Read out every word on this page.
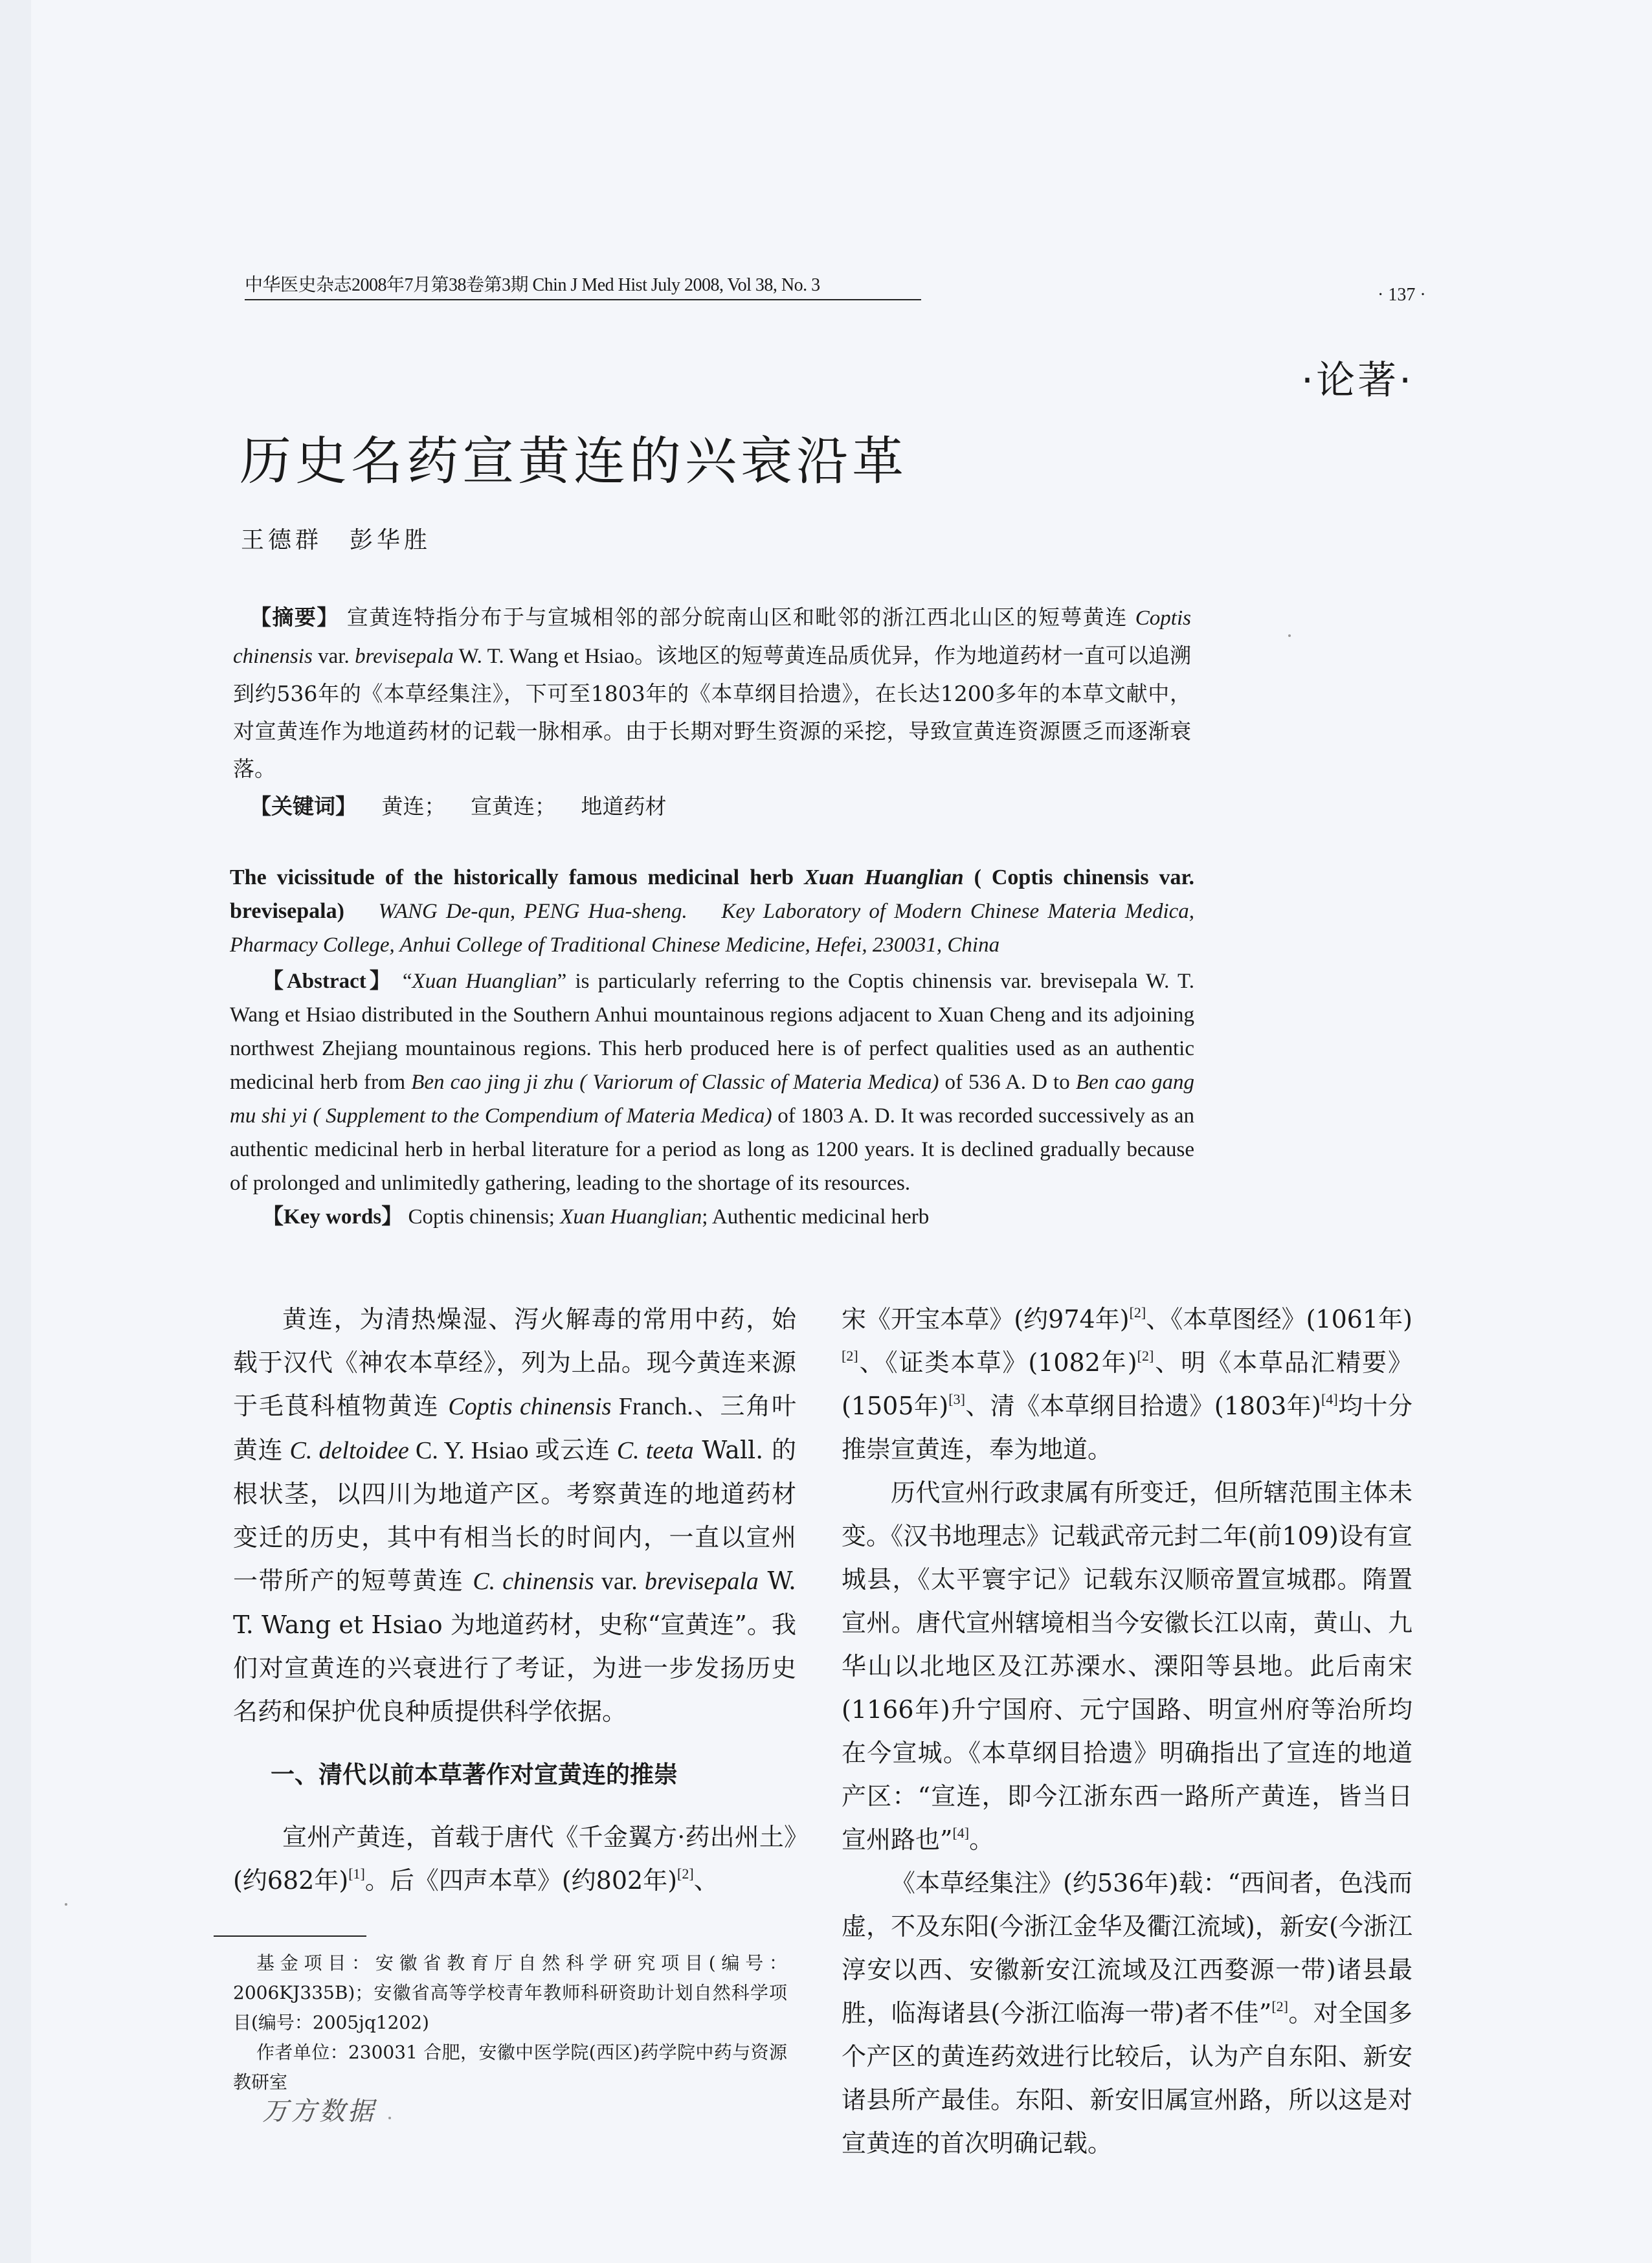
中华医史杂志2008年7月第38卷第3期 Chin J Med Hist July 2008, Vol 38, No. 3	· 137 ·
·论著·
历史名药宣黄连的兴衰沿革
王德群　彭华胜
【摘要】 宣黄连特指分布于与宣城相邻的部分皖南山区和毗邻的浙江西北山区的短萼黄连 Coptis chinensis var. brevisepala W. T. Wang et Hsiao。该地区的短萼黄连品质优异，作为地道药材一直可以追溯到约536年的《本草经集注》，下可至1803年的《本草纲目拾遗》，在长达1200多年的本草文献中，对宣黄连作为地道药材的记载一脉相承。由于长期对野生资源的采挖，导致宣黄连资源匮乏而逐渐衰落。
【关键词】 黄连； 宣黄连； 地道药材
The vicissitude of the historically famous medicinal herb Xuan Huanglian ( Coptis chinensis var. brevisepala) WANG De-qun, PENG Hua-sheng. Key Laboratory of Modern Chinese Materia Medica, Pharmacy College, Anhui College of Traditional Chinese Medicine, Hefei, 230031, China
【Abstract】 “Xuan Huanglian” is particularly referring to the Coptis chinensis var. brevisepala W. T. Wang et Hsiao distributed in the Southern Anhui mountainous regions adjacent to Xuan Cheng and its adjoining northwest Zhejiang mountainous regions. This herb produced here is of perfect qualities used as an authentic medicinal herb from Ben cao jing ji zhu ( Variorum of Classic of Materia Medica) of 536 A. D to Ben cao gang mu shi yi ( Supplement to the Compendium of Materia Medica) of 1803 A. D. It was recorded successively as an authentic medicinal herb in herbal literature for a period as long as 1200 years. It is declined gradually because of prolonged and unlimitedly gathering, leading to the shortage of its resources.
【Key words】 Coptis chinensis; Xuan Huanglian; Authentic medicinal herb

黄连，为清热燥湿、泻火解毒的常用中药，始载于汉代《神农本草经》，列为上品。现今黄连来源于毛茛科植物黄连 Coptis chinensis Franch.、三角叶黄连 C. deltoidee C. Y. Hsiao 或云连 C. teeta Wall. 的根状茎，以四川为地道产区。考察黄连的地道药材变迁的历史，其中有相当长的时间内，一直以宣州一带所产的短萼黄连 C. chinensis var. brevisepala W. T. Wang et Hsiao 为地道药材，史称“宣黄连”。我们对宣黄连的兴衰进行了考证，为进一步发扬历史名药和保护优良种质提供科学依据。

一、清代以前本草著作对宣黄连的推崇

宣州产黄连，首载于唐代《千金翼方·药出州土》(约682年)[1]。后《四声本草》(约802年)[2]、

宋《开宝本草》(约974年)[2]、《本草图经》(1061年)[2]、《证类本草》(1082年)[2]、明《本草品汇精要》(1505年)[3]、清《本草纲目拾遗》(1803年)[4]均十分推崇宣黄连，奉为地道。

历代宣州行政隶属有所变迁，但所辖范围主体未变。《汉书地理志》记载武帝元封二年(前109)设有宣城县，《太平寰宇记》记载东汉顺帝置宣城郡。隋置宣州。唐代宣州辖境相当今安徽长江以南，黄山、九华山以北地区及江苏溧水、溧阳等县地。此后南宋(1166年)升宁国府、元宁国路、明宣州府等治所均在今宣城。《本草纲目拾遗》明确指出了宣连的地道产区：“宣连，即今江浙东西一路所产黄连，皆当日宣州路也”[4]。

《本草经集注》(约536年)载：“西间者，色浅而虚，不及东阳(今浙江金华及衢江流域)，新安(今浙江淳安以西、安徽新安江流域及江西婺源一带)诸县最胜，临海诸县(今浙江临海一带)者不佳”[2]。对全国多个产区的黄连药效进行比较后，认为产自东阳、新安诸县所产最佳。东阳、新安旧属宣州路，所以这是对宣黄连的首次明确记载。

基金项目：安徽省教育厅自然科学研究项目(编号：2006KJ335B)；安徽省高等学校青年教师科研资助计划自然科学项目(编号：2005jq1202)

作者单位：230031 合肥，安徽中医学院(西区)药学院中药与资源教研室

万方数据
